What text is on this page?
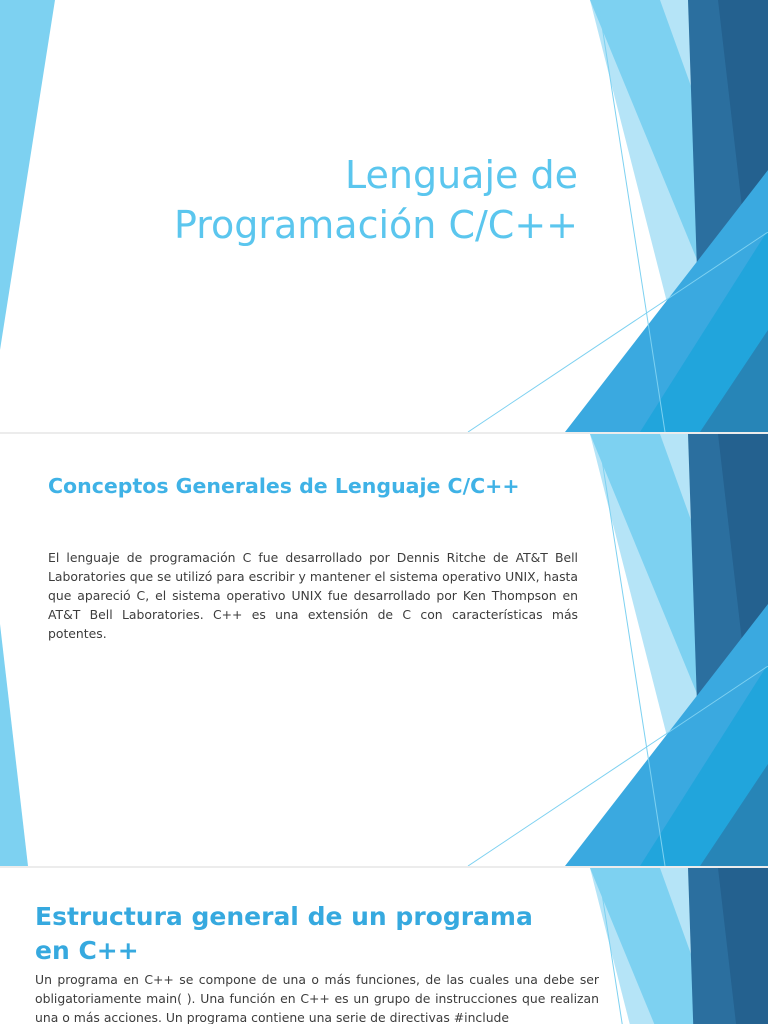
Lenguaje de
Programación C/C++
Conceptos Generales de Lenguaje C/C++

El lenguaje de programación C fue desarrollado por Dennis Ritche de AT&T Bell Laboratories que se utilizó para escribir y mantener el sistema operativo UNIX, hasta que apareció C, el sistema operativo UNIX fue desarrollado por Ken Thompson en AT&T Bell Laboratories. C++ es una extensión de C con características más potentes.

Estructura general de un programa en C++

Un programa en C++ se compone de una o más funciones, de las cuales una debe ser obligatoriamente main( ). Una función en C++ es un grupo de instrucciones que realizan una o más acciones. Un programa contiene una serie de directivas #include
